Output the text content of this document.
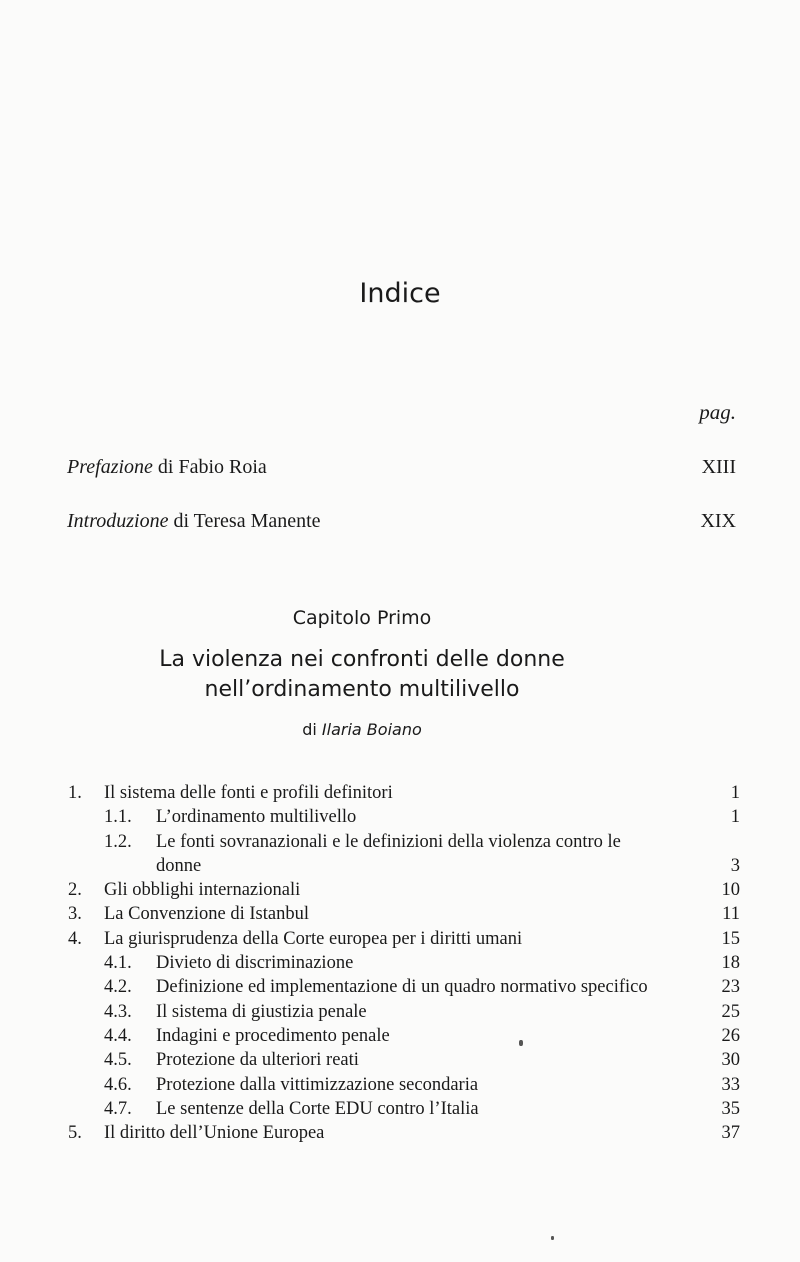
Indice
pag.
Prefazione di Fabio Roia	XIII
Introduzione di Teresa Manente	XIX
Capitolo Primo
La violenza nei confronti delle donne
nell’ordinamento multilivello
di Ilaria Boiano
1. Il sistema delle fonti e profili definitori	1
1.1. L’ordinamento multilivello	1
1.2. Le fonti sovranazionali e le definizioni della violenza contro le donne	3
2. Gli obblighi internazionali	10
3. La Convenzione di Istanbul	11
4. La giurisprudenza della Corte europea per i diritti umani	15
4.1. Divieto di discriminazione	18
4.2. Definizione ed implementazione di un quadro normativo specifico	23
4.3. Il sistema di giustizia penale	25
4.4. Indagini e procedimento penale	26
4.5. Protezione da ulteriori reati	30
4.6. Protezione dalla vittimizzazione secondaria	33
4.7. Le sentenze della Corte EDU contro l’Italia	35
5. Il diritto dell’Unione Europea	37
